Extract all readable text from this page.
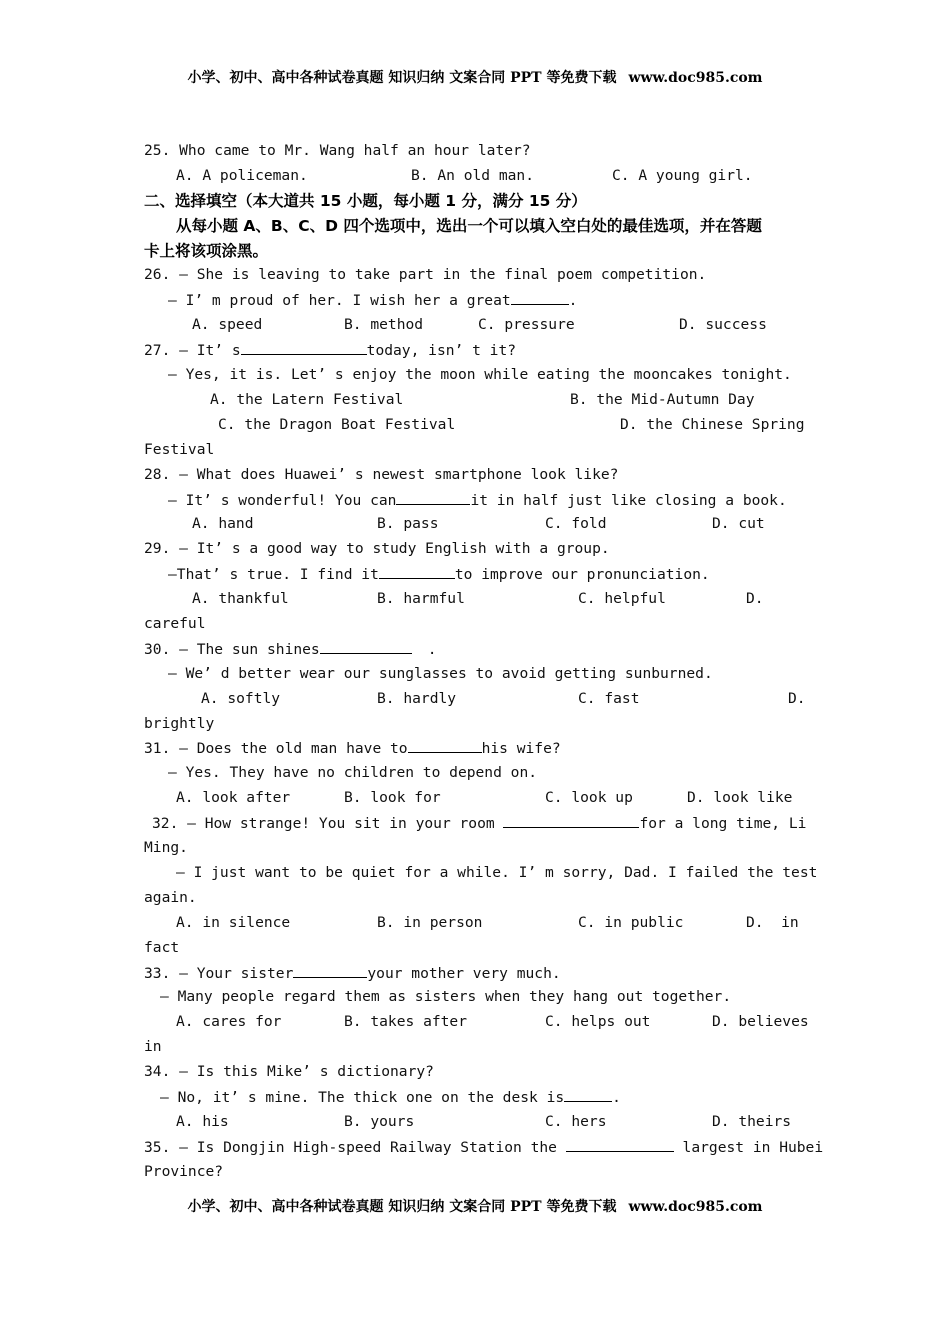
小学、初中、高中各种试卷真题 知识归纳 文案合同 PPT 等免费下载 www.doc985.com
25. Who came to Mr. Wang half an hour later?
A. A policeman.	B. An old man.	C. A young girl.
二、选择填空（本大道共 15 小题，每小题 1 分，满分 15 分）
从每小题 A、B、C、D 四个选项中，选出一个可以填入空白处的最佳选项，并在答题
卡上将该项涂黑。
26. — She is leaving to take part in the final poem competition.
— I’ m proud of her. I wish her a great	.
A. speed	B. method	C. pressure	D. success
27. — It’ s	today, isn’ t it?
— Yes, it is. Let’ s enjoy the moon while eating the mooncakes tonight.
A. the Latern Festival	B. the Mid-Autumn Day
C. the Dragon Boat Festival	D. the Chinese Spring
Festival
28. — What does Huawei’ s newest smartphone look like?
— It’ s wonderful! You can	it in half just like closing a book.
A. hand	B. pass	C. fold	D. cut
29. — It’ s a good way to study English with a group.
—That’ s true. I find it	to improve our pronunciation.
A. thankful	B. harmful	C. helpful	D.
careful
30. — The sun shines	.
— We’ d better wear our sunglasses to avoid getting sunburned.
A. softly	B. hardly	C. fast	D.
brightly
31. — Does the old man have to	his wife?
— Yes. They have no children to depend on.
A. look after	B. look for	C. look up	D. look like
32. — How strange! You sit in your room	for a long time, Li
Ming.
— I just want to be quiet for a while. I’ m sorry, Dad. I failed the test
again.
A. in silence	B. in person	C. in public	D.  in
fact
33. — Your sister	your mother very much.
— Many people regard them as sisters when they hang out together.
A. cares for	B. takes after	C. helps out	D. believes
in
34. — Is this Mike’ s dictionary?
— No, it’ s mine. The thick one on the desk is	.
A. his	B. yours	C. hers	D. theirs
35. — Is Dongjin High-speed Railway Station the	largest in Hubei
Province?
小学、初中、高中各种试卷真题 知识归纳 文案合同 PPT 等免费下载 www.doc985.com
